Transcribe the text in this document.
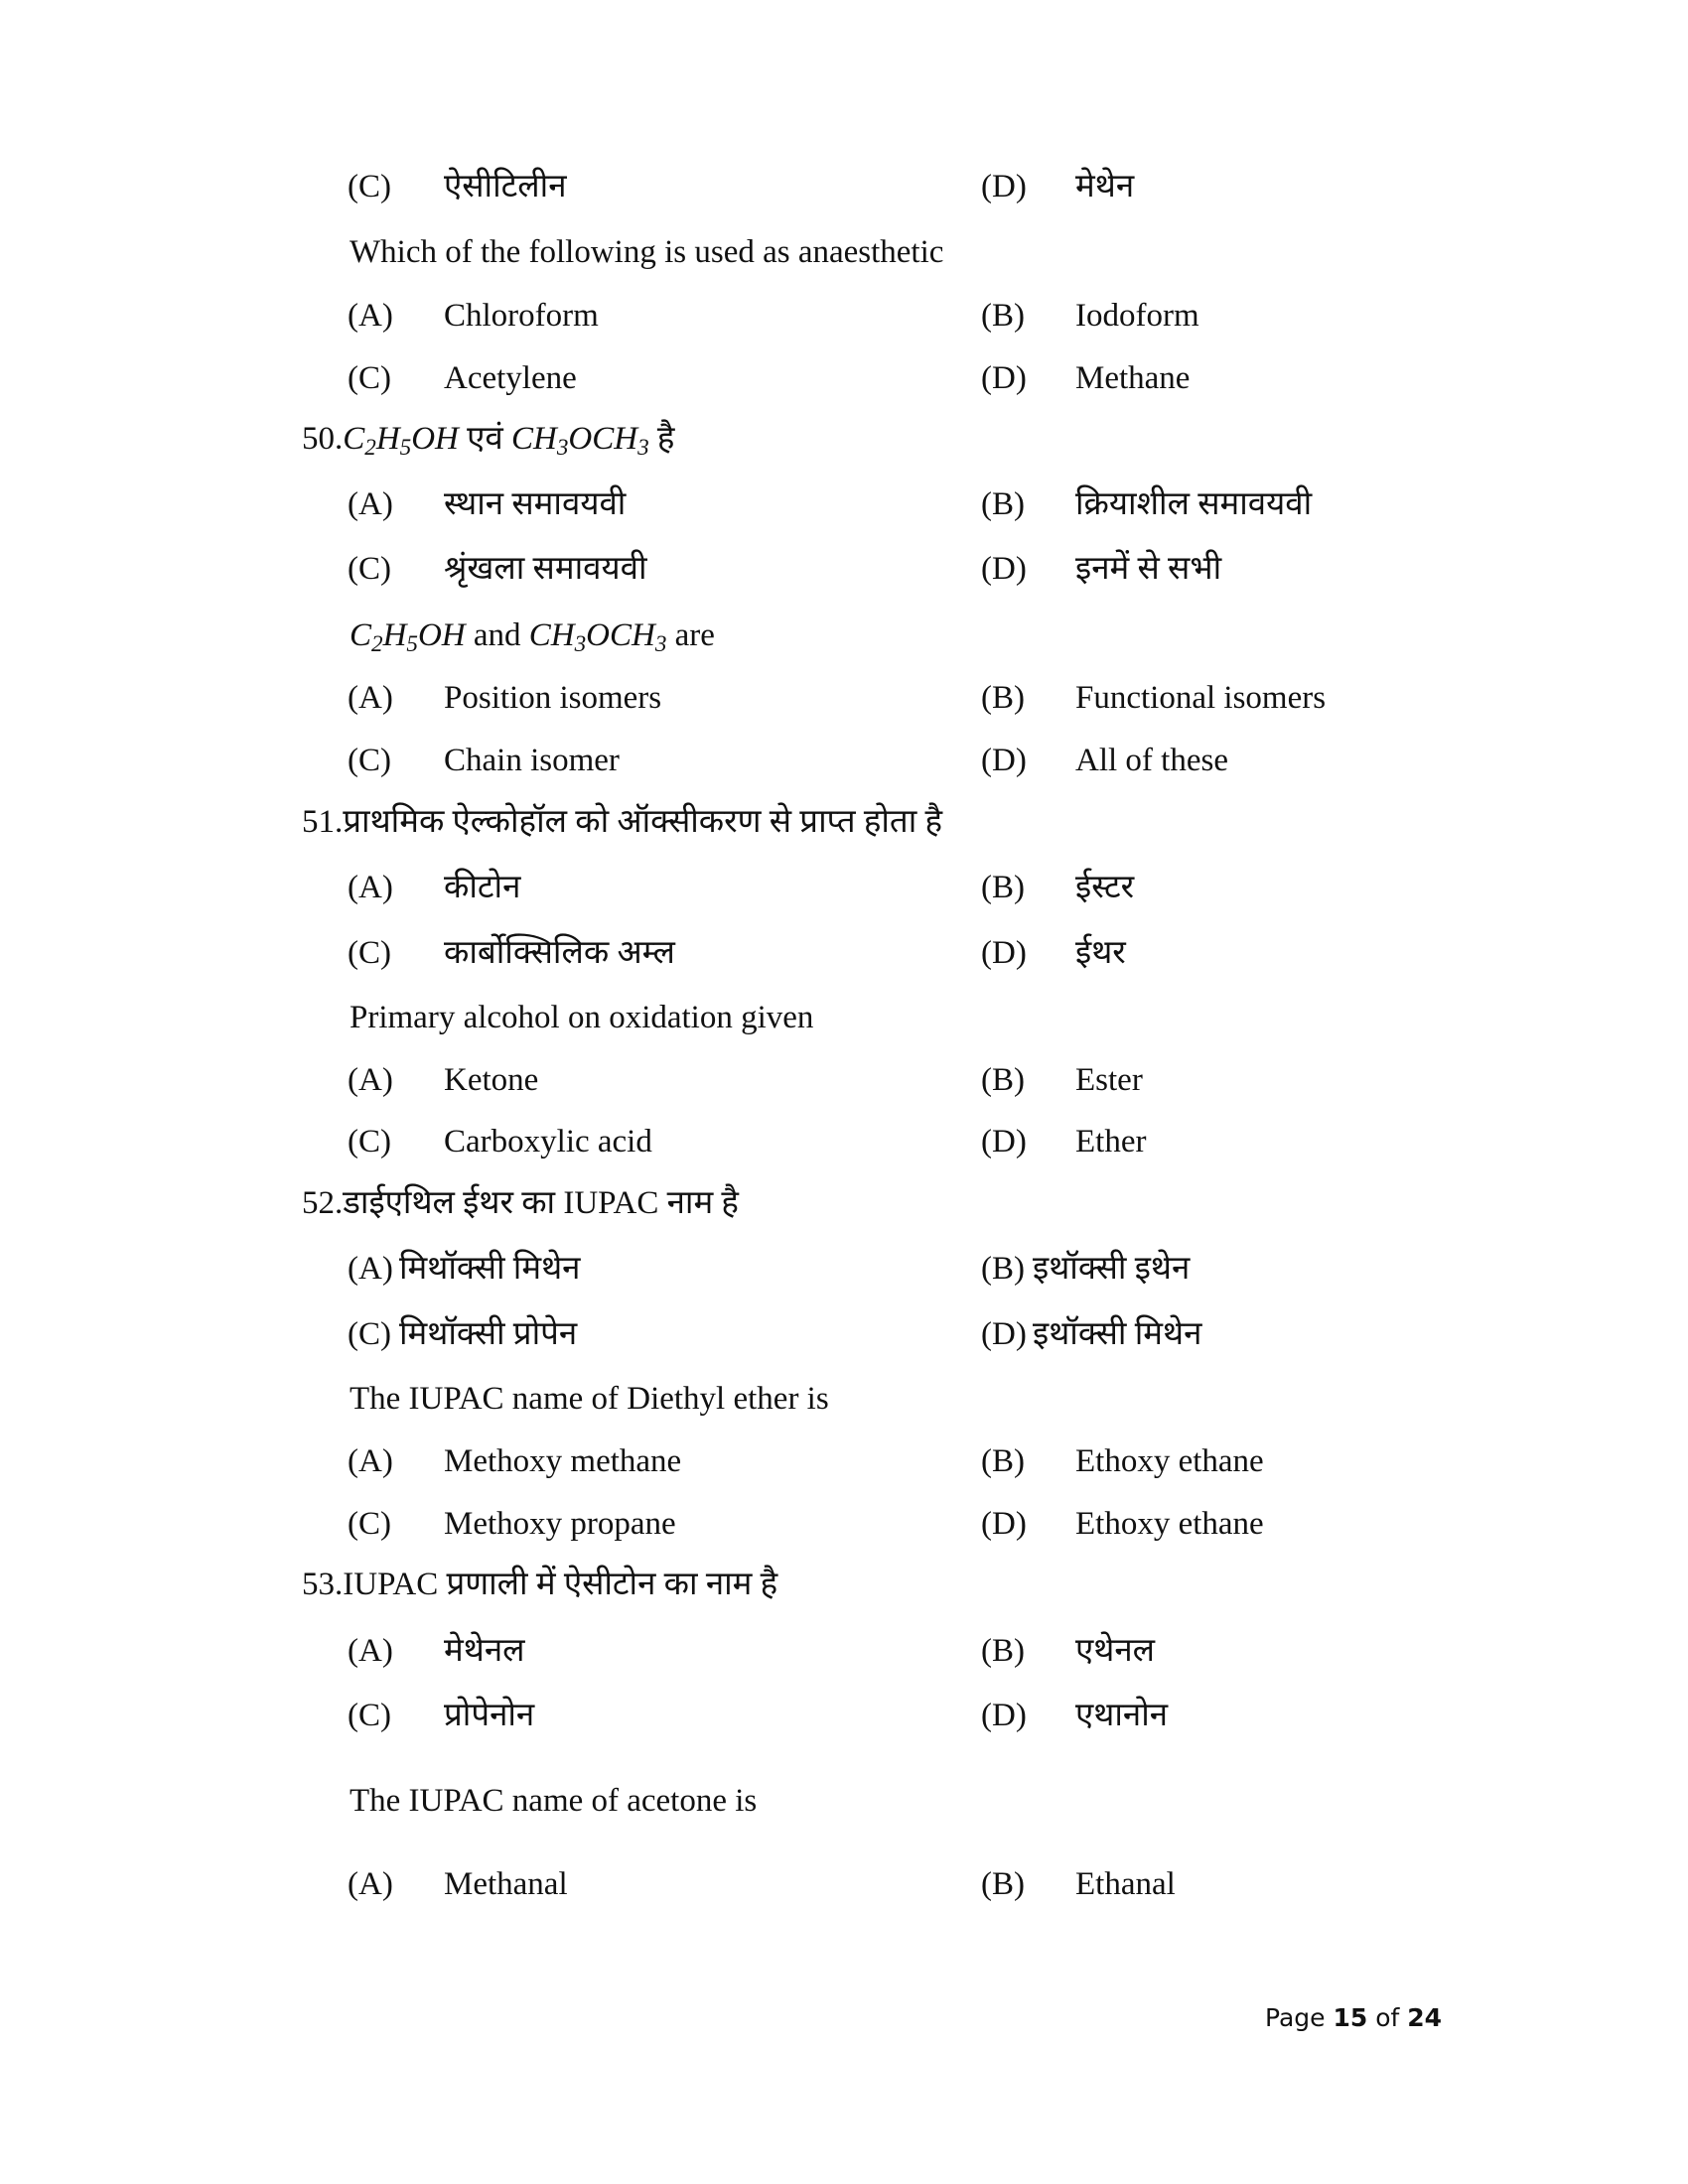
(C) ऐसीटिलीन	(D) मेथेन
Which of the following is used as anaesthetic
(A) Chloroform	(B) Iodoform
(C) Acetylene	(D) Methane
$50.C_2H_5OH$ एवं $CH_3OCH_3$ है
(A) स्थान समावयवी	(B) क्रियाशील समावयवी
(C) श्रृंखला समावयवी	(D) इनमें से सभी
$C_2H_5OH$ and $CH_3OCH_3$ are
(A) Position isomers	(B) Functional isomers
(C) Chain isomer	(D) All of these
51.प्राथमिक ऐल्कोहॉल को ऑक्सीकरण से प्राप्त होता है
(A) कीटोन	(B) ईस्टर
(C) कार्बोक्सिलिक अम्ल	(D) ईथर
Primary alcohol on oxidation given
(A) Ketone	(B) Ester
(C) Carboxylic acid	(D) Ether
52.डाईएथिल ईथर का IUPAC नाम है
(A) मिथॉक्सी मिथेन	(B) इथॉक्सी इथेन
(C) मिथॉक्सी प्रोपेन	(D) इथॉक्सी मिथेन
The IUPAC name of Diethyl ether is
(A) Methoxy methane	(B) Ethoxy ethane
(C) Methoxy propane	(D) Ethoxy ethane
53.IUPAC प्रणाली में ऐसीटोन का नाम है
(A) मेथेनल	(B) एथेनल
(C) प्रोपेनोन	(D) एथानोन
The IUPAC name of acetone is
(A) Methanal	(B) Ethanal
Page 15 of 24
